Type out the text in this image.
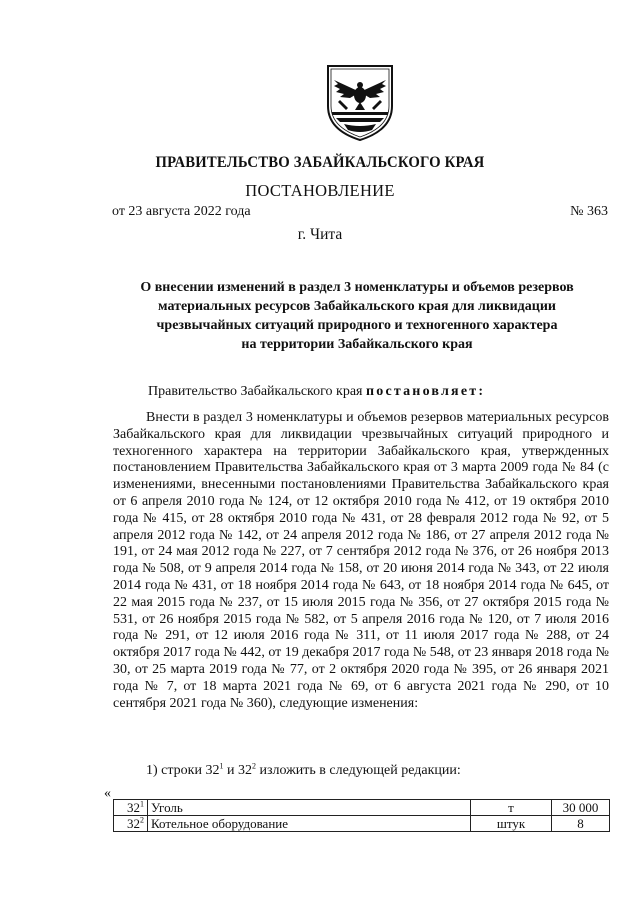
ПРАВИТЕЛЬСТВО ЗАБАЙКАЛЬСКОГО КРАЯ
ПОСТАНОВЛЕНИЕ
от 23 августа 2022 года	№ 363
г. Чита
О внесении изменений в раздел 3 номенклатуры и объемов резервов
материальных ресурсов Забайкальского края для ликвидации
чрезвычайных ситуаций природного и техногенного характера
на территории Забайкальского края
Правительство Забайкальского края постановляет:
Внести в раздел 3 номенклатуры и объемов резервов материальных ресурсов Забайкальского края для ликвидации чрезвычайных ситуаций природного и техногенного характера на территории Забайкальского края, утвержденных постановлением Правительства Забайкальского края от 3 марта 2009 года № 84 (с изменениями, внесенными постановлениями Правительства Забайкальского края от 6 апреля 2010 года № 124, от 12 октября 2010 года № 412, от 19 октября 2010 года № 415, от 28 октября 2010 года № 431, от 28 февраля 2012 года № 92, от 5 апреля 2012 года № 142, от 24 апреля 2012 года № 186, от 27 апреля 2012 года № 191, от 24 мая 2012 года № 227, от 7 сентября 2012 года № 376, от 26 ноября 2013 года № 508, от 9 апреля 2014 года № 158, от 20 июня 2014 года № 343, от 22 июля 2014 года № 431, от 18 ноября 2014 года № 643, от 18 ноября 2014 года № 645, от 22 мая 2015 года № 237, от 15 июля 2015 года № 356, от 27 октября 2015 года № 531, от 26 ноября 2015 года № 582, от 5 апреля 2016 года № 120, от 7 июля 2016 года № 291, от 12 июля 2016 года № 311, от 11 июля 2017 года № 288, от 24 октября 2017 года № 442, от 19 декабря 2017 года № 548, от 23 января 2018 года № 30, от 25 марта 2019 года № 77, от 2 октября 2020 года № 395, от 26 января 2021 года № 7, от 18 марта 2021 года № 69, от 6 августа 2021 года № 290, от 10 сентября 2021 года № 360), следующие изменения:
1) строки $32^1$ и $32^2$ изложить в следующей редакции:
«
$32^1$	Уголь	т	30 000
$32^2$	Котельное оборудование	штук	8
